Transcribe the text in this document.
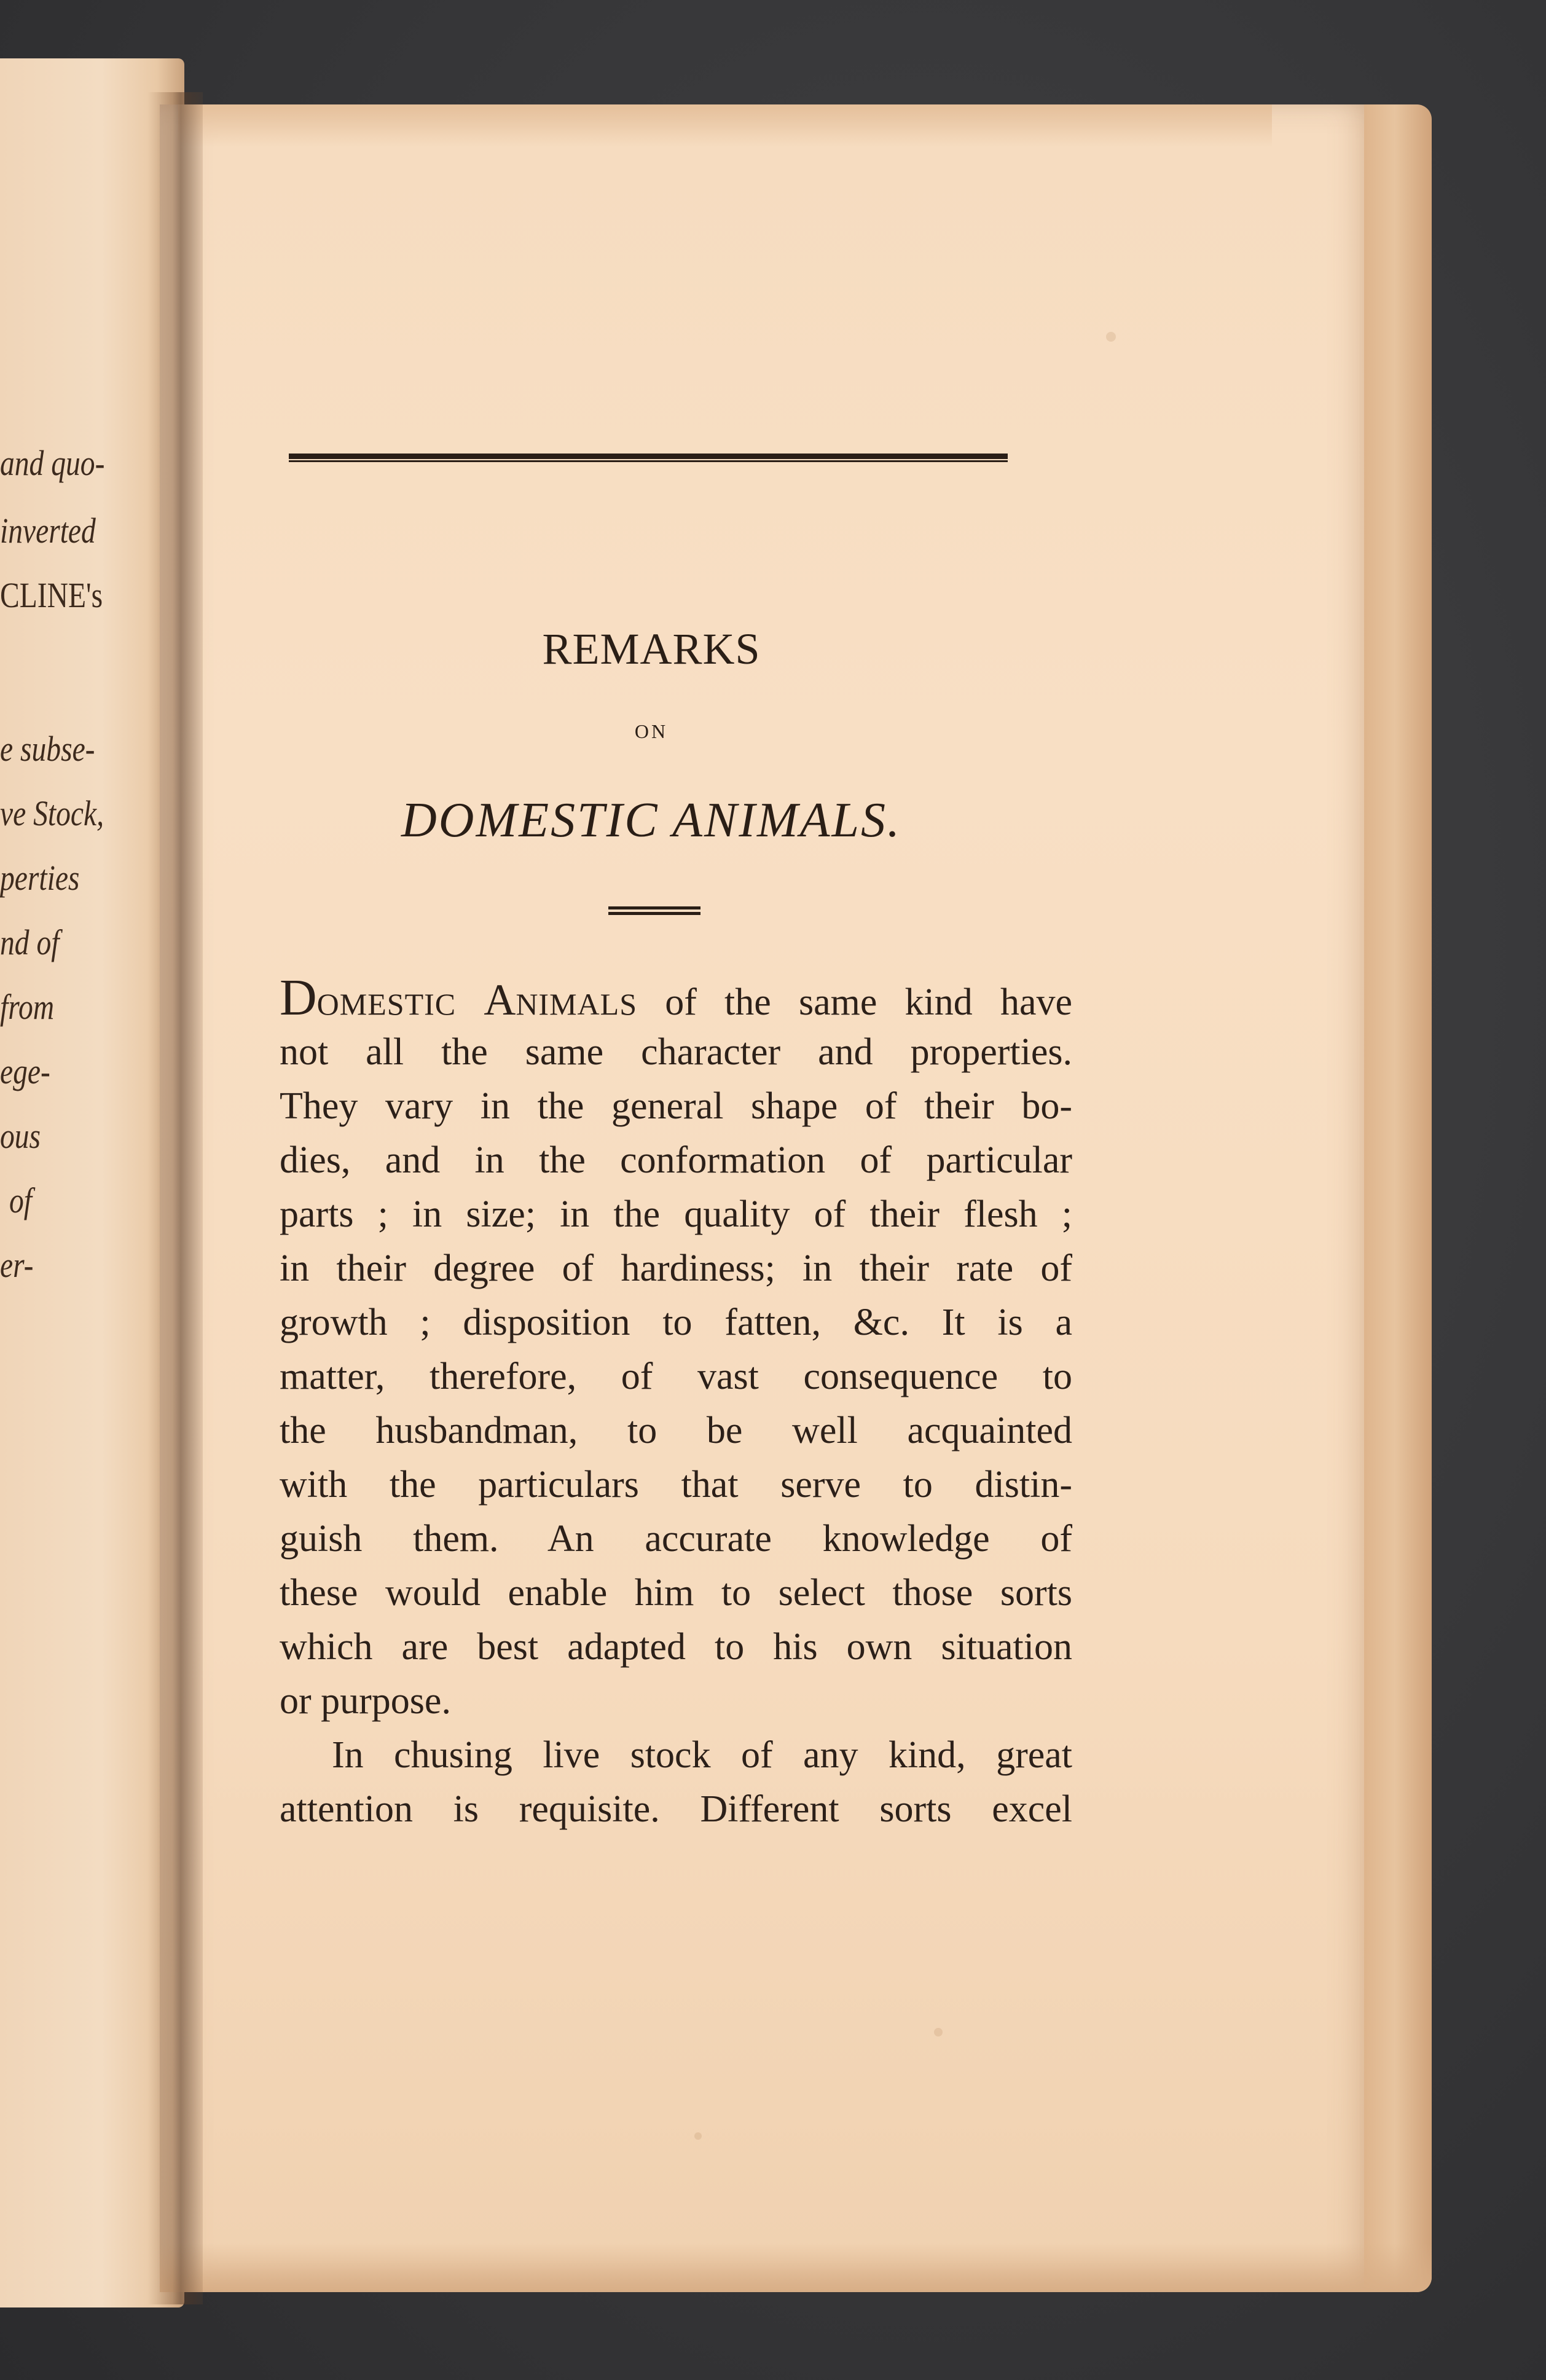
and quo-
inverted
CLINE's
e subse-
ve Stock,
perties
nd of
from
ege-
ous
of
er-
REMARKS
ON
DOMESTIC ANIMALS.
DOMESTIC ANIMALS of the same kind have
not all the same character and properties.
They vary in the general shape of their bo-
dies, and in the conformation of particular
parts ; in size; in the quality of their flesh ;
in their degree of hardiness; in their rate of
growth ; disposition to fatten, &c. It is a
matter, therefore, of vast consequence to
the husbandman, to be well acquainted
with the particulars that serve to distin-
guish them. An accurate knowledge of
these would enable him to select those sorts
which are best adapted to his own situation
or purpose.
In chusing live stock of any kind, great
attention is requisite. Different sorts excel
